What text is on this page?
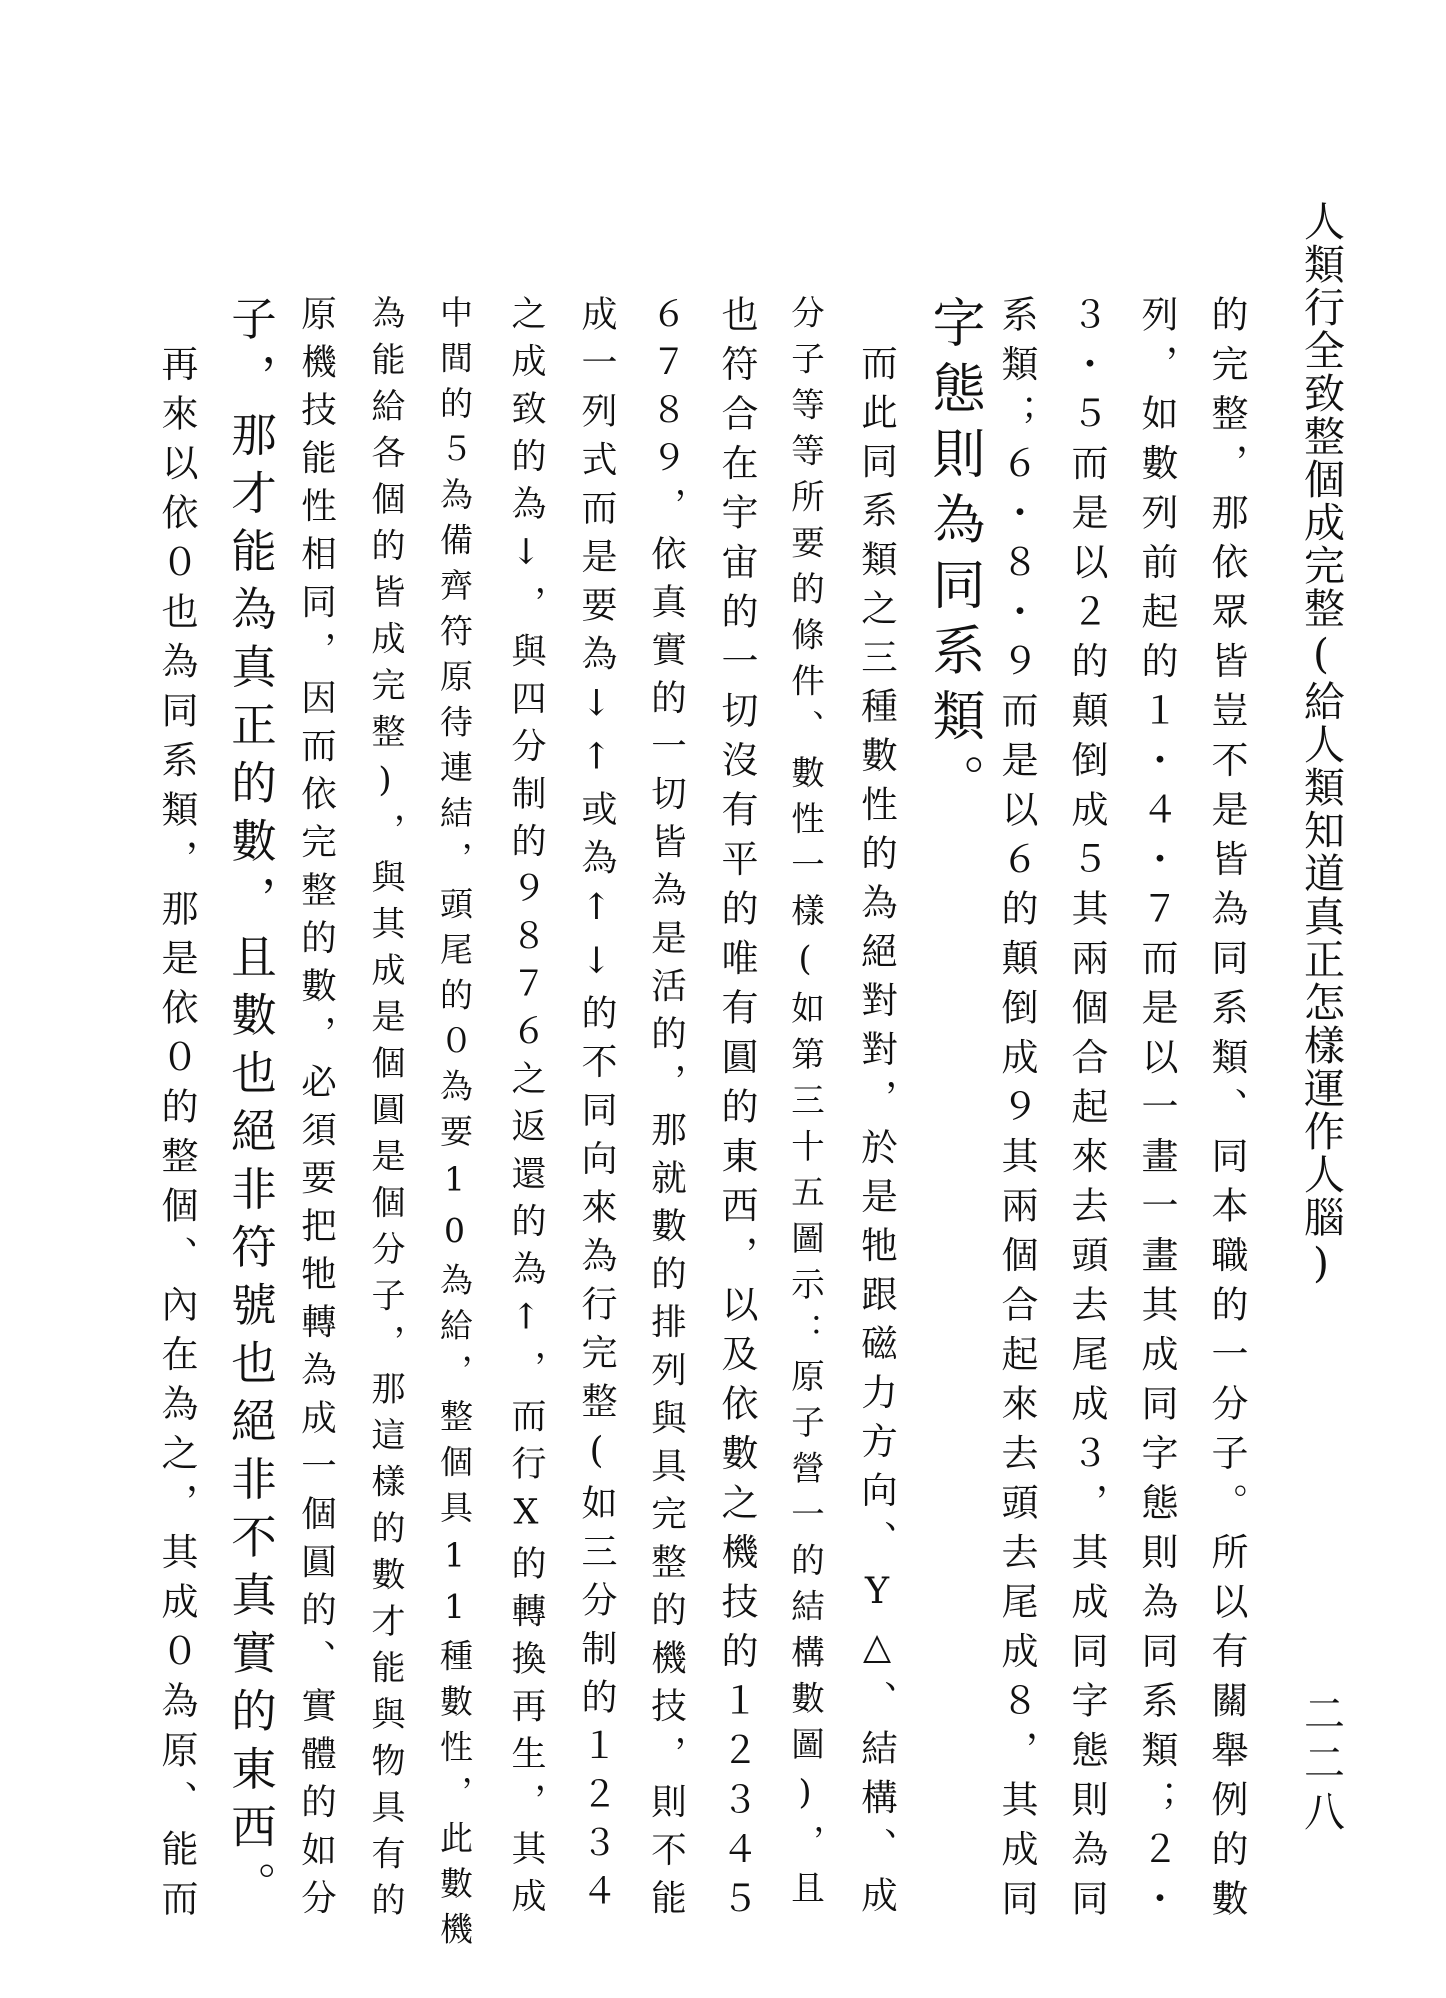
人類行全致整個成完整(給人類知道真正怎樣運作人腦)
二二八
的完整，那依眾皆豈不是皆為同系類、同本職的一分子。所以有關舉例的數
列，如數列前起的１・４・７而是以一畫一畫其成同字態則為同系類；２・
３・５而是以２的顛倒成５其兩個合起來去頭去尾成３，其成同字態則為同
系類；６・８・９而是以６的顛倒成９其兩個合起來去頭去尾成８，其成同
字態則為同系類。
　而此同系類之三種數性的為絕對對，於是牠跟磁力方向、Y△、結構、成
分子等等所要的條件、數性一樣(如第三十五圖示：原子營一的結構數圖)，且
也符合在宇宙的一切沒有平的唯有圓的東西，以及依數之機技的１２３４５
６７８９，依真實的一切皆為是活的，那就數的排列與具完整的機技，則不能
成一列式而是要為↓↑或為↑↓的不同向來為行完整(如三分制的１２３４
之成致的為↓，與四分制的９８７６之返還的為↑，而行X的轉換再生，其成
中間的５為備齊符原待連結，頭尾的０為要10為給，整個具11種數性，此數機
為能給各個的皆成完整)，與其成是個圓是個分子，那這樣的數才能與物具有的
原機技能性相同，因而依完整的數，必須要把牠轉為成一個圓的、實體的如分
子，那才能為真正的數，且數也絕非符號也絕非不真實的東西。
　再來以依０也為同系類，那是依０的整個、內在為之，其成０為原、能而
